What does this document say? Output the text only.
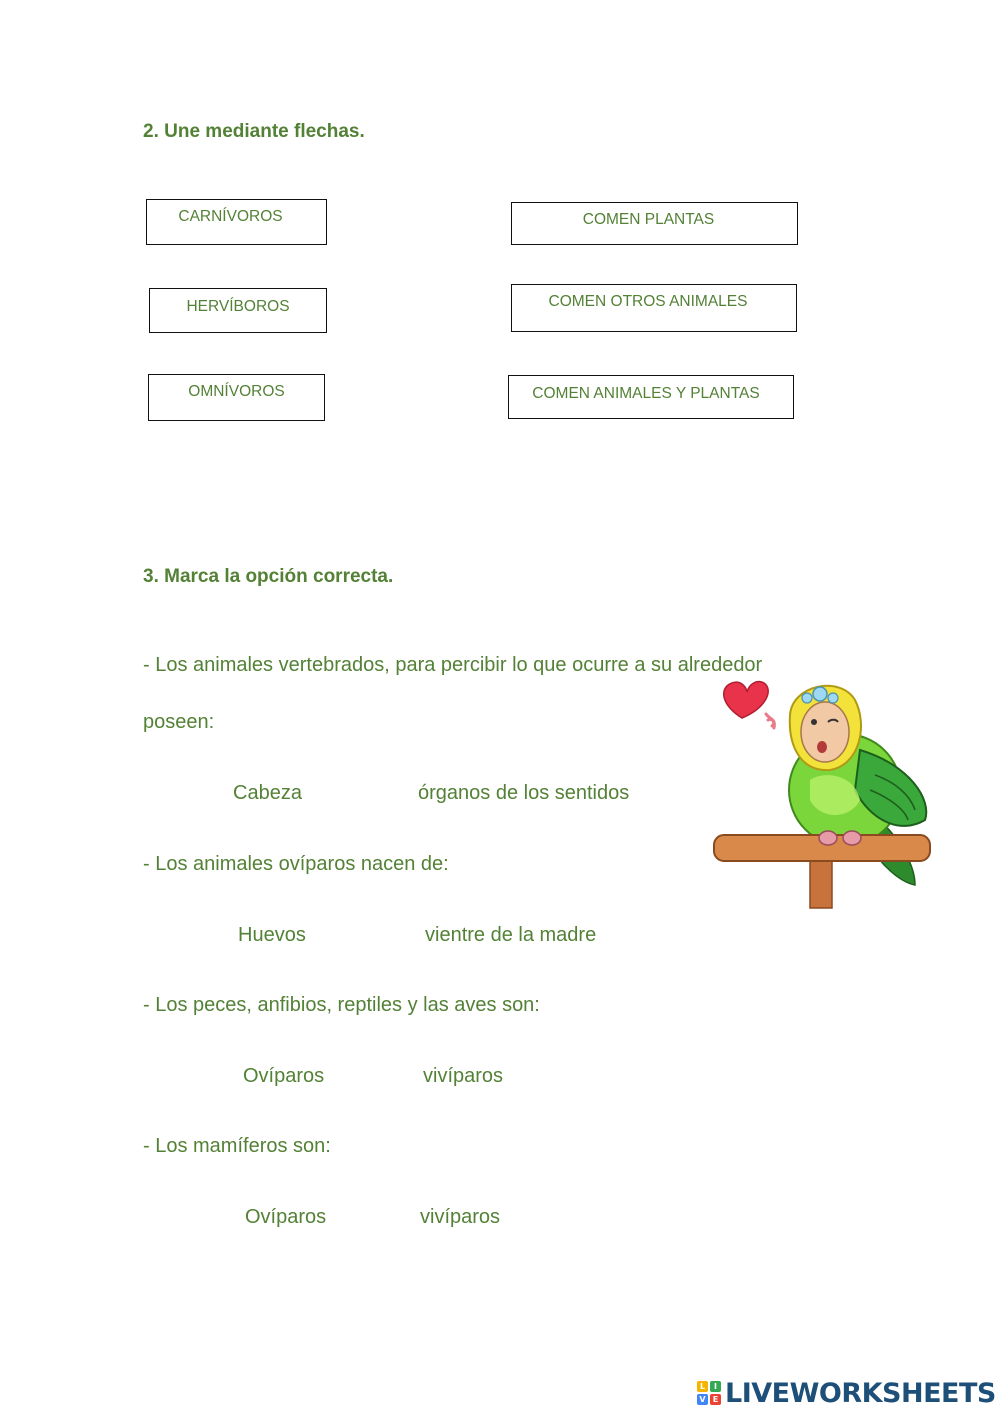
2. Une mediante flechas.
CARNÍVOROS
HERVÍBOROS
OMNÍVOROS
COMEN PLANTAS
COMEN OTROS ANIMALES
COMEN ANIMALES Y PLANTAS
3. Marca la opción correcta.
- Los animales vertebrados, para percibir lo que ocurre a su alrededor
poseen:
Cabeza	órganos de los sentidos
- Los animales ovíparos nacen de:
Huevos	vientre de la madre
- Los peces, anfibios, reptiles y las aves son:
Ovíparos	vivíparos
- Los mamíferos son:
Ovíparos	vivíparos
L	I
V E LIVEWORKSHEETS
